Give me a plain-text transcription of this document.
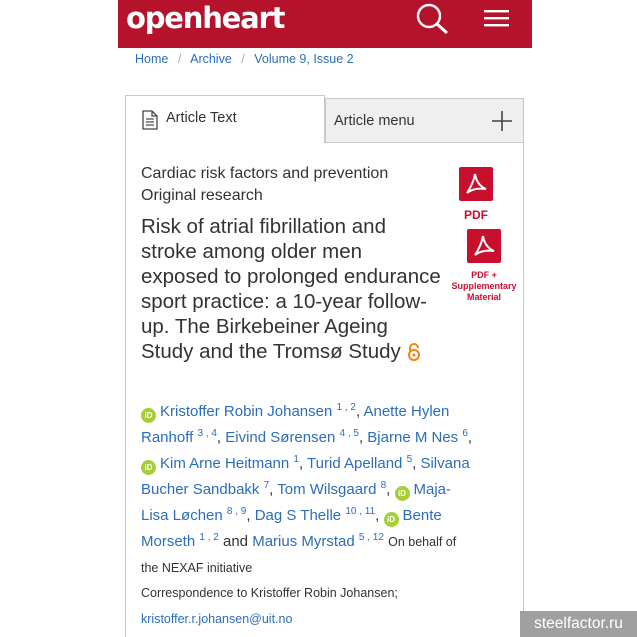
openheart
Home / Archive / Volume 9, Issue 2
Article Text	Article menu
Cardiac risk factors and prevention
Original research
Risk of atrial fibrillation and stroke among older men exposed to prolonged endurance sport practice: a 10-year follow-up. The Birkebeiner Ageing Study and the Tromsø Study
PDF
PDF +
Supplementary
Material
iD Kristoffer Robin Johansen $^{1 , 2}$, Anette Hylen Ranhoff $^{3 , 4}$, Eivind Sørensen $^{4 , 5}$, Bjarne M Nes $^6$, iD Kim Arne Heitmann $^1$, Turid Apelland $^5$, Silvana Bucher Sandbakk $^7$, Tom Wilsgaard $^8$, iD Maja-Lisa Løchen $^{8 , 9}$, Dag S Thelle $^{10 , 11}$, iD Bente Morseth $^{1 , 2}$ and Marius Myrstad $^{5 , 12}$ On behalf of the NEXAF initiative
Correspondence to Kristoffer Robin Johansen;
kristoffer.r.johansen@uit.no	steelfactor.ru
